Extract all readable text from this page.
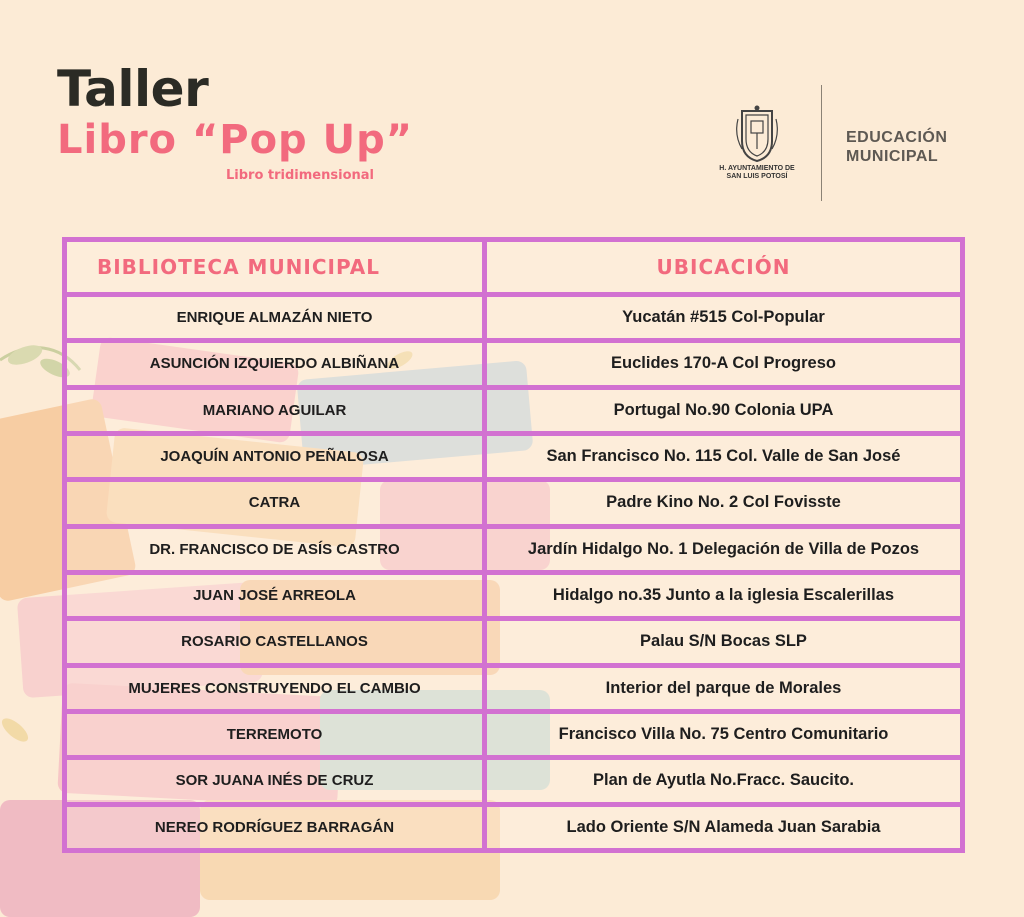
Taller
Libro “Pop Up”
Libro tridimensional	H. AYUNTAMIENTO DE
SAN LUIS POTOSÍ
EDUCACIÓN
MUNICIPAL
BIBLIOTECA MUNICIPAL	UBICACIÓN
ENRIQUE ALMAZÁN NIETO	Yucatán #515 Col-Popular
ASUNCIÓN IZQUIERDO ALBIÑANA	Euclides 170-A Col Progreso
MARIANO AGUILAR	Portugal No.90 Colonia UPA
JOAQUÍN ANTONIO PEÑALOSA	San Francisco No. 115 Col. Valle de San José
CATRA	Padre Kino No. 2 Col Fovisste
DR. FRANCISCO DE ASÍS CASTRO	Jardín Hidalgo No. 1 Delegación de Villa de Pozos
JUAN JOSÉ ARREOLA	Hidalgo no.35 Junto a la iglesia Escalerillas
ROSARIO CASTELLANOS	Palau S/N Bocas SLP
MUJERES CONSTRUYENDO EL CAMBIO	Interior del parque de Morales
TERREMOTO	Francisco Villa No. 75 Centro Comunitario
SOR JUANA INÉS DE CRUZ	Plan de Ayutla No.Fracc. Saucito.
NEREO RODRÍGUEZ BARRAGÁN	Lado Oriente S/N Alameda Juan Sarabia
